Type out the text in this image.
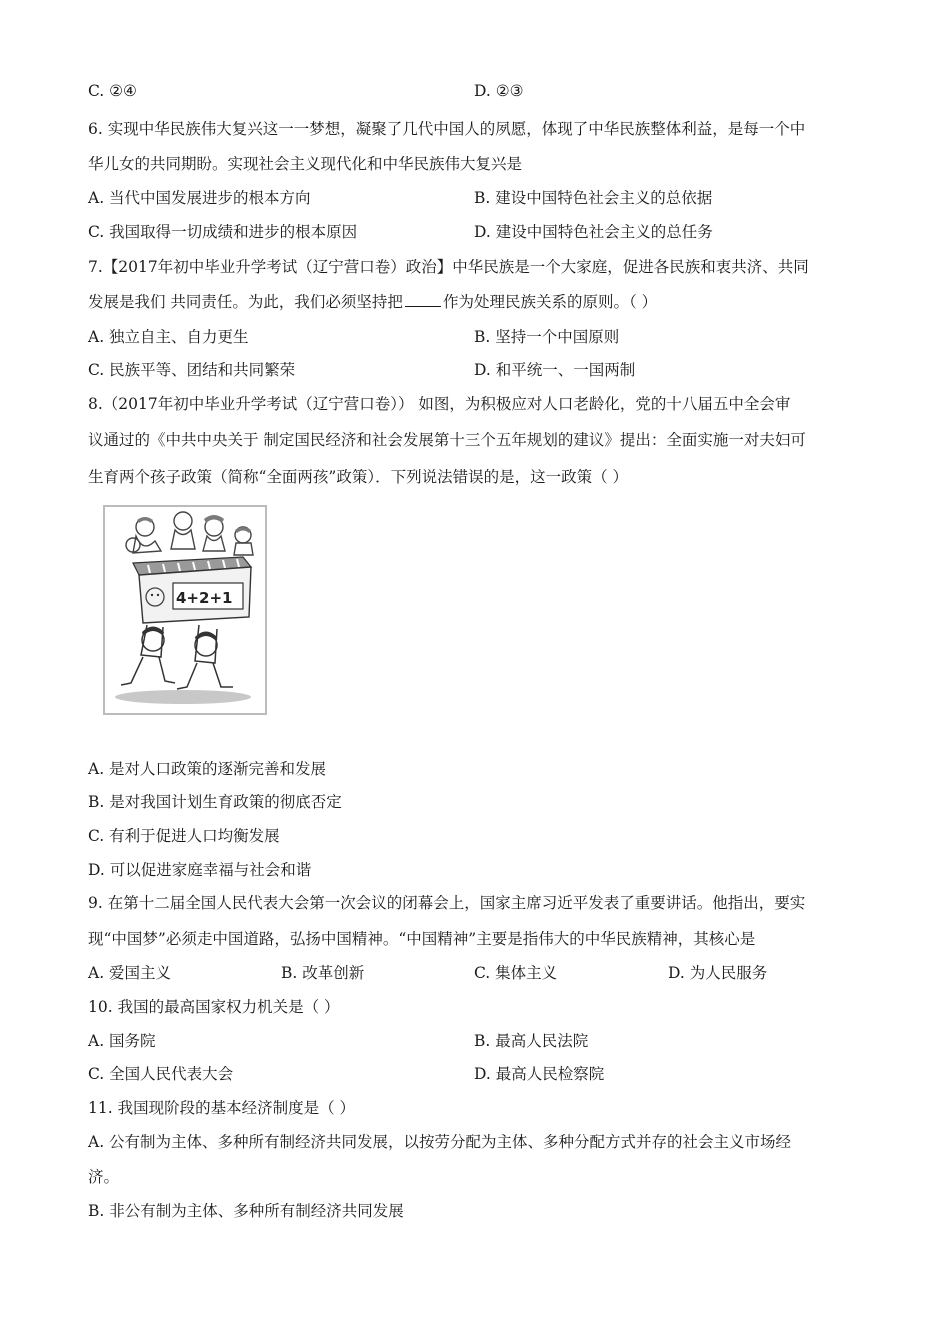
C. ②④	D. ②③
6. 实现中华民族伟大复兴这一一梦想，凝聚了几代中国人的夙愿，体现了中华民族整体利益，是每一个中
华儿女的共同期盼。实现社会主义现代化和中华民族伟大复兴是
A. 当代中国发展进步的根本方向	B. 建设中国特色社会主义的总依据
C. 我国取得一切成绩和进步的根本原因	D. 建设中国特色社会主义的总任务
7.【2017年初中毕业升学考试（辽宁营口卷）政治】中华民族是一个大家庭，促进各民族和衷共济、共同
发展是我们 共同责任。为此，我们必须坚持把	作为处理民族关系的原则。（ ）
A. 独立自主、自力更生	B. 坚持一个中国原则
C. 民族平等、团结和共同繁荣	D. 和平统一、一国两制
8.（2017年初中毕业升学考试（辽宁营口卷）） 如图，为积极应对人口老龄化，党的十八届五中全会审
议通过的《中共中央关于 制定国民经济和社会发展第十三个五年规划的建议》提出：全面实施一对夫妇可
生育两个孩子政策（简称“全面两孩”政策）．下列说法错误的是，这一政策（ ）
4+2+1
A. 是对人口政策的逐渐完善和发展
B. 是对我国计划生育政策的彻底否定
C. 有利于促进人口均衡发展
D. 可以促进家庭幸福与社会和谐
9. 在第十二届全国人民代表大会第一次会议的闭幕会上，国家主席习近平发表了重要讲话。他指出，要实
现“中国梦”必须走中国道路，弘扬中国精神。“中国精神”主要是指伟大的中华民族精神，其核心是
A. 爱国主义	B. 改革创新	C. 集体主义	D. 为人民服务
10. 我国的最高国家权力机关是（ ）
A. 国务院	B. 最高人民法院
C. 全国人民代表大会	D. 最高人民检察院
11. 我国现阶段的基本经济制度是（ ）
A. 公有制为主体、多种所有制经济共同发展，以按劳分配为主体、多种分配方式并存的社会主义市场经
济。
B. 非公有制为主体、多种所有制经济共同发展
